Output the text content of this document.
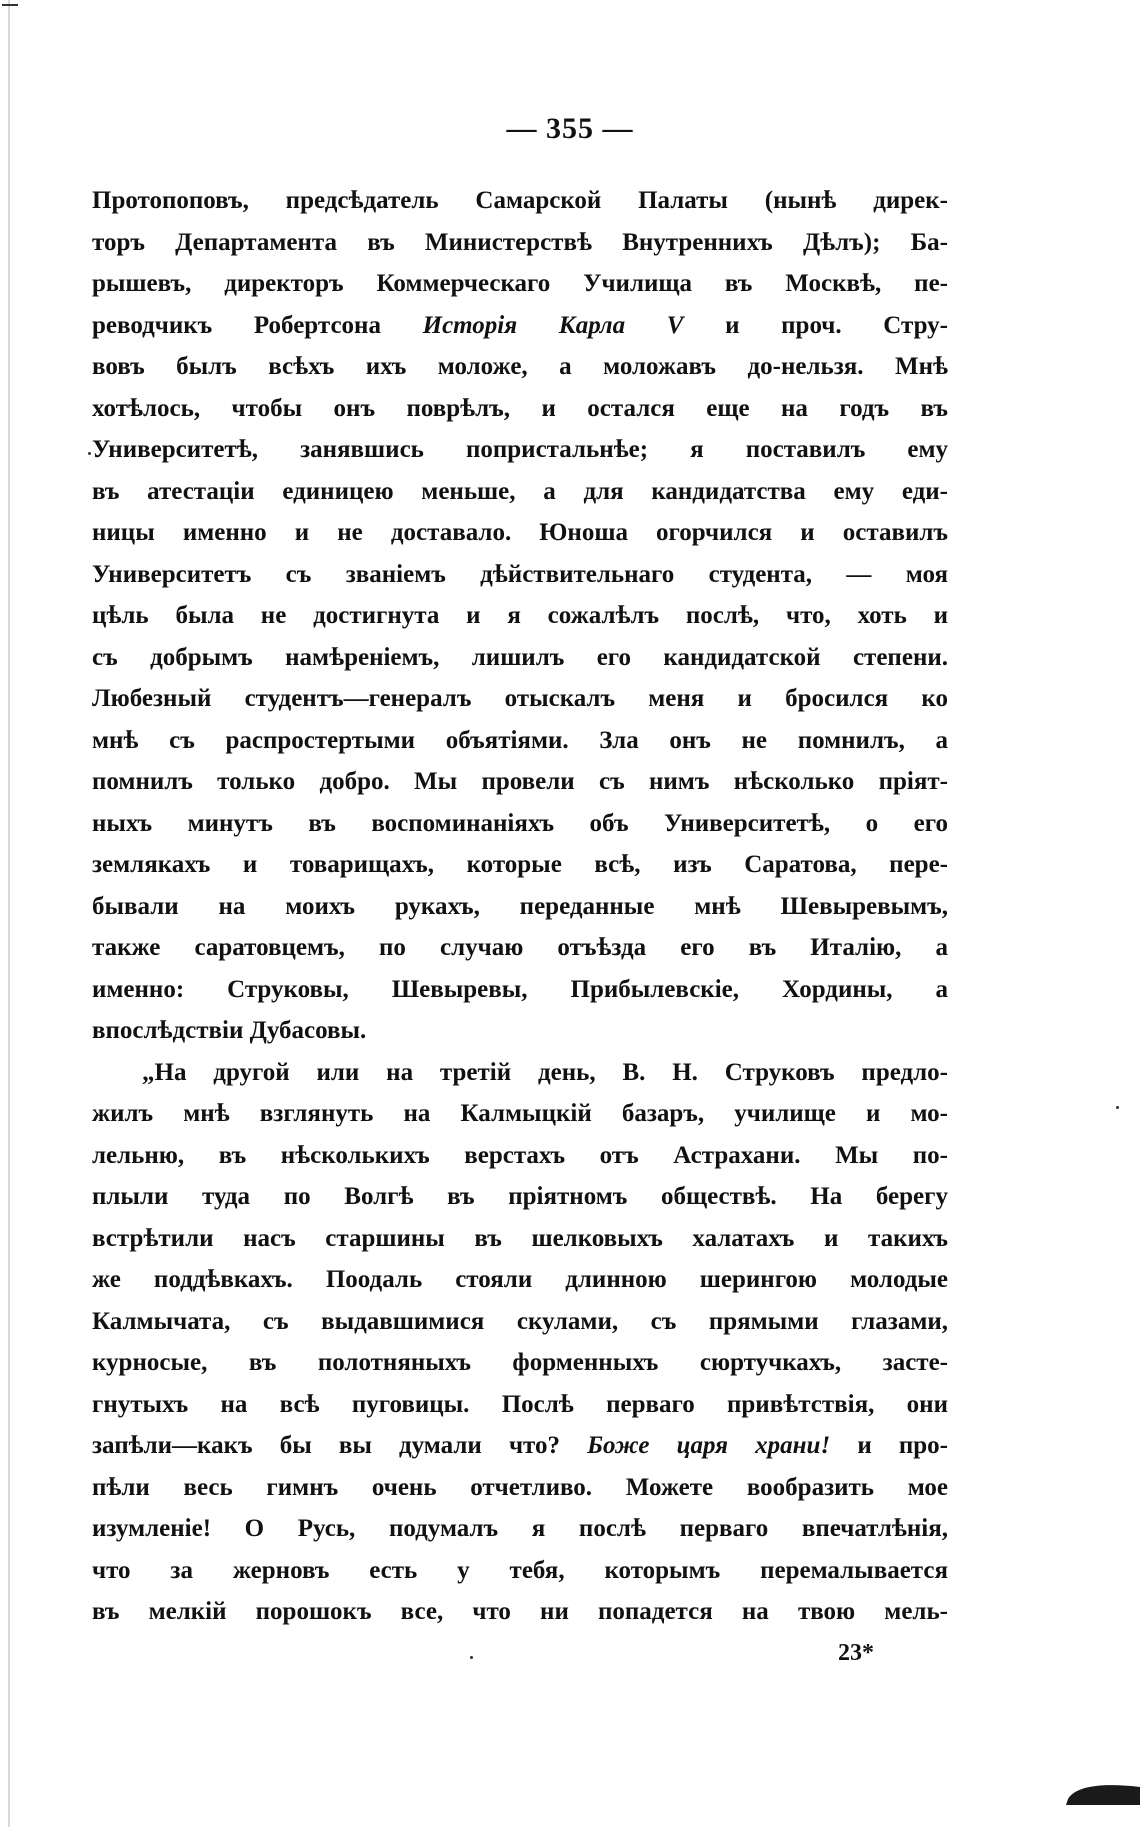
— 355 —
Протопоповъ, предсѣдатель Самарской Палаты (нынѣ дирек-
торъ Департамента въ Министерствѣ Внутреннихъ Дѣлъ); Ба-
рышевъ, директоръ Коммерческаго Училища въ Москвѣ, пе-
реводчикъ Робертсона Исторія Карла V и проч. Стру-
вовъ былъ всѣхъ ихъ моложе, а моложавъ до-нельзя. Мнѣ
хотѣлось, чтобы онъ поврѣлъ, и остался еще на годъ въ
Университетѣ, занявшись попристальнѣе; я поставилъ ему
въ атестаціи единицею меньше, а для кандидатства ему еди-
ницы именно и не доставало. Юноша огорчился и оставилъ
Университетъ съ званіемъ дѣйствительнаго студента, — моя
цѣль была не достигнута и я сожалѣлъ послѣ, что, хоть и
съ добрымъ намѣреніемъ, лишилъ его кандидатской степени.
Любезный студентъ—генералъ отыскалъ меня и бросился ко
мнѣ съ распростертыми объятіями. Зла онъ не помнилъ, а
помнилъ только добро. Мы провели съ нимъ нѣсколько пріят-
ныхъ минутъ въ воспоминаніяхъ объ Университетѣ, о его
землякахъ и товарищахъ, которые всѣ, изъ Саратова, пере-
бывали на моихъ рукахъ, переданные мнѣ Шевыревымъ,
также саратовцемъ, по случаю отъѣзда его въ Италію, а
именно: Струковы, Шевыревы, Прибылевскіе, Хордины, а
впослѣдствіи Дубасовы.
„На другой или на третій день, В. Н. Струковъ предло-
жилъ мнѣ взглянуть на Калмыцкій базаръ, училище и мо-
лельню, въ нѣсколькихъ верстахъ отъ Астрахани. Мы по-
плыли туда по Волгѣ въ пріятномъ обществѣ. На берегу
встрѣтили насъ старшины въ шелковыхъ халатахъ и такихъ
же поддѣвкахъ. Поодаль стояли длинною шерингою молодые
Калмычата, съ выдавшимися скулами, съ прямыми глазами,
курносые, въ полотняныхъ форменныхъ сюртучкахъ, застe-
гнутыхъ на всѣ пуговицы. Послѣ перваго привѣтствія, они
запѣли—какъ бы вы думали что? Боже царя храни! и про-
пѣли весь гимнъ очень отчетливо. Можете вообразить мое
изумленіе! О Русь, подумалъ я послѣ перваго впечатлѣнія,
что за жерновъ есть у тебя, которымъ перемалывается
въ мелкій порошокъ все, что ни попадется на твою мель-
23*
